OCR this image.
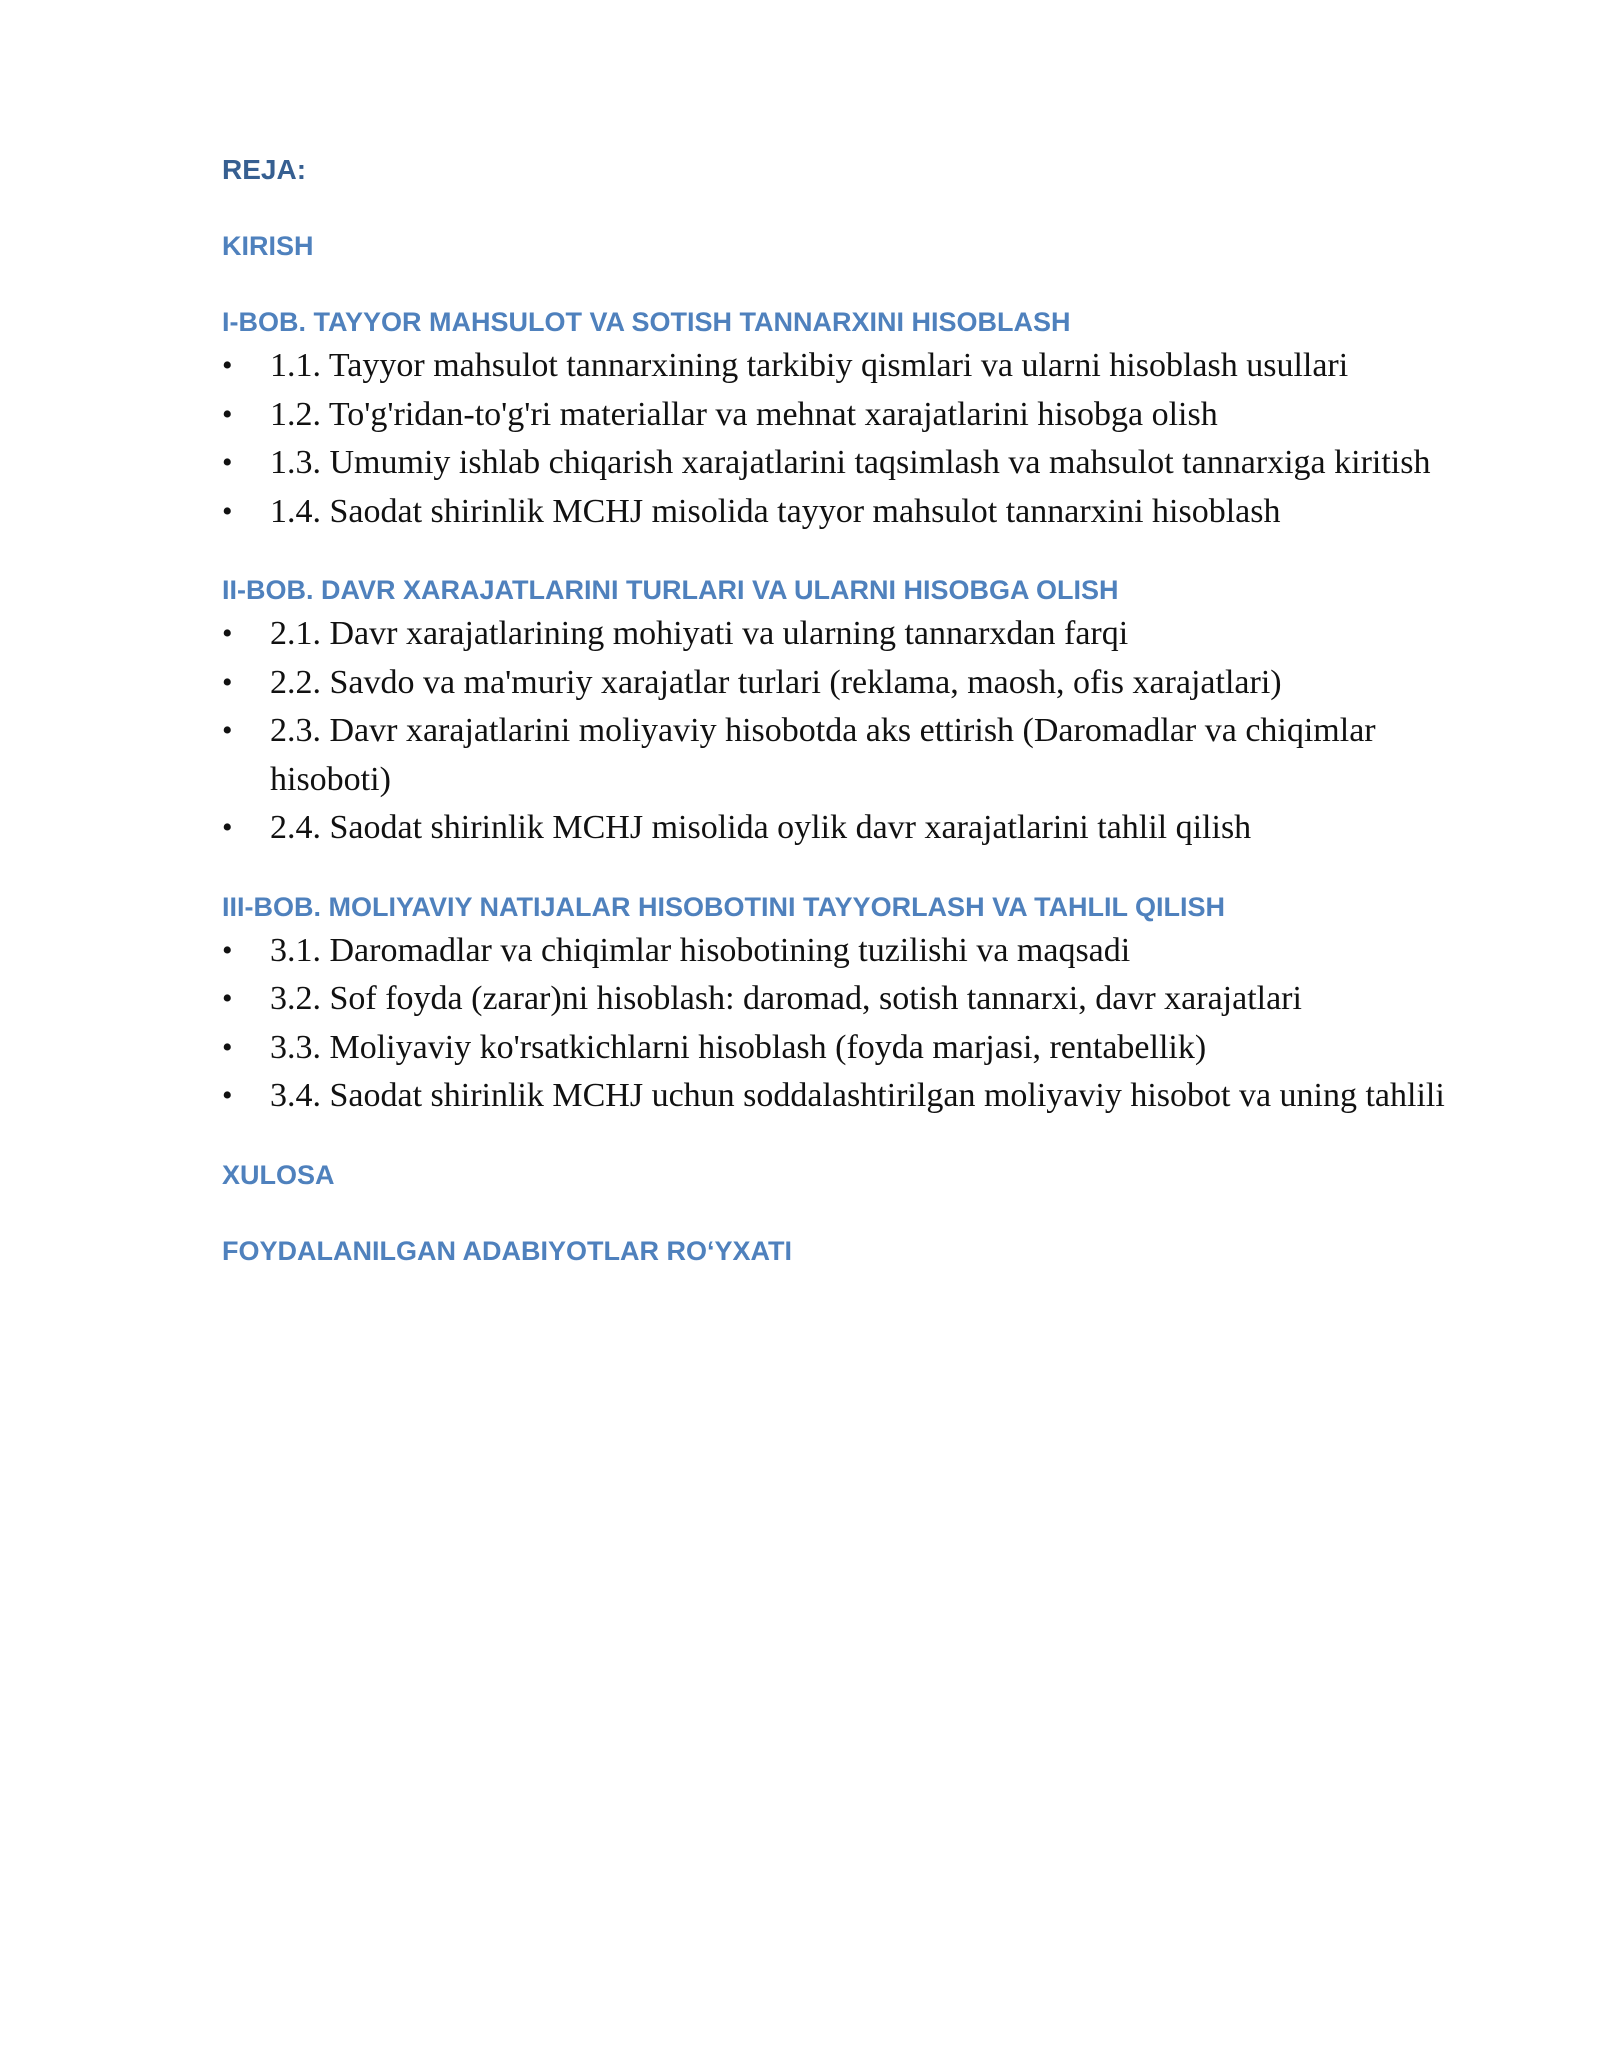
REJA:
KIRISH
I-BOB. TAYYOR MAHSULOT VA SOTISH TANNARXINI HISOBLASH
• 1.1. Tayyor mahsulot tannarxining tarkibiy qismlari va ularni hisoblash usullari
• 1.2. To'g'ridan-to'g'ri materiallar va mehnat xarajatlarini hisobga olish
• 1.3. Umumiy ishlab chiqarish xarajatlarini taqsimlash va mahsulot tannarxiga kiritish
• 1.4. Saodat shirinlik MCHJ misolida tayyor mahsulot tannarxini hisoblash
II-BOB. DAVR XARAJATLARINI TURLARI VA ULARNI HISOBGA OLISH
• 2.1. Davr xarajatlarining mohiyati va ularning tannarxdan farqi
• 2.2. Savdo va ma'muriy xarajatlar turlari (reklama, maosh, ofis xarajatlari)
• 2.3. Davr xarajatlarini moliyaviy hisobotda aks ettirish (Daromadlar va chiqimlar hisoboti)
• 2.4. Saodat shirinlik MCHJ misolida oylik davr xarajatlarini tahlil qilish
III-BOB. MOLIYAVIY NATIJALAR HISOBOTINI TAYYORLASH VA TAHLIL QILISH
• 3.1. Daromadlar va chiqimlar hisobotining tuzilishi va maqsadi
• 3.2. Sof foyda (zarar)ni hisoblash: daromad, sotish tannarxi, davr xarajatlari
• 3.3. Moliyaviy ko'rsatkichlarni hisoblash (foyda marjasi, rentabellik)
• 3.4. Saodat shirinlik MCHJ uchun soddalashtirilgan moliyaviy hisobot va uning tahlili
XULOSA
FOYDALANILGAN ADABIYOTLAR RO‘YXATI
